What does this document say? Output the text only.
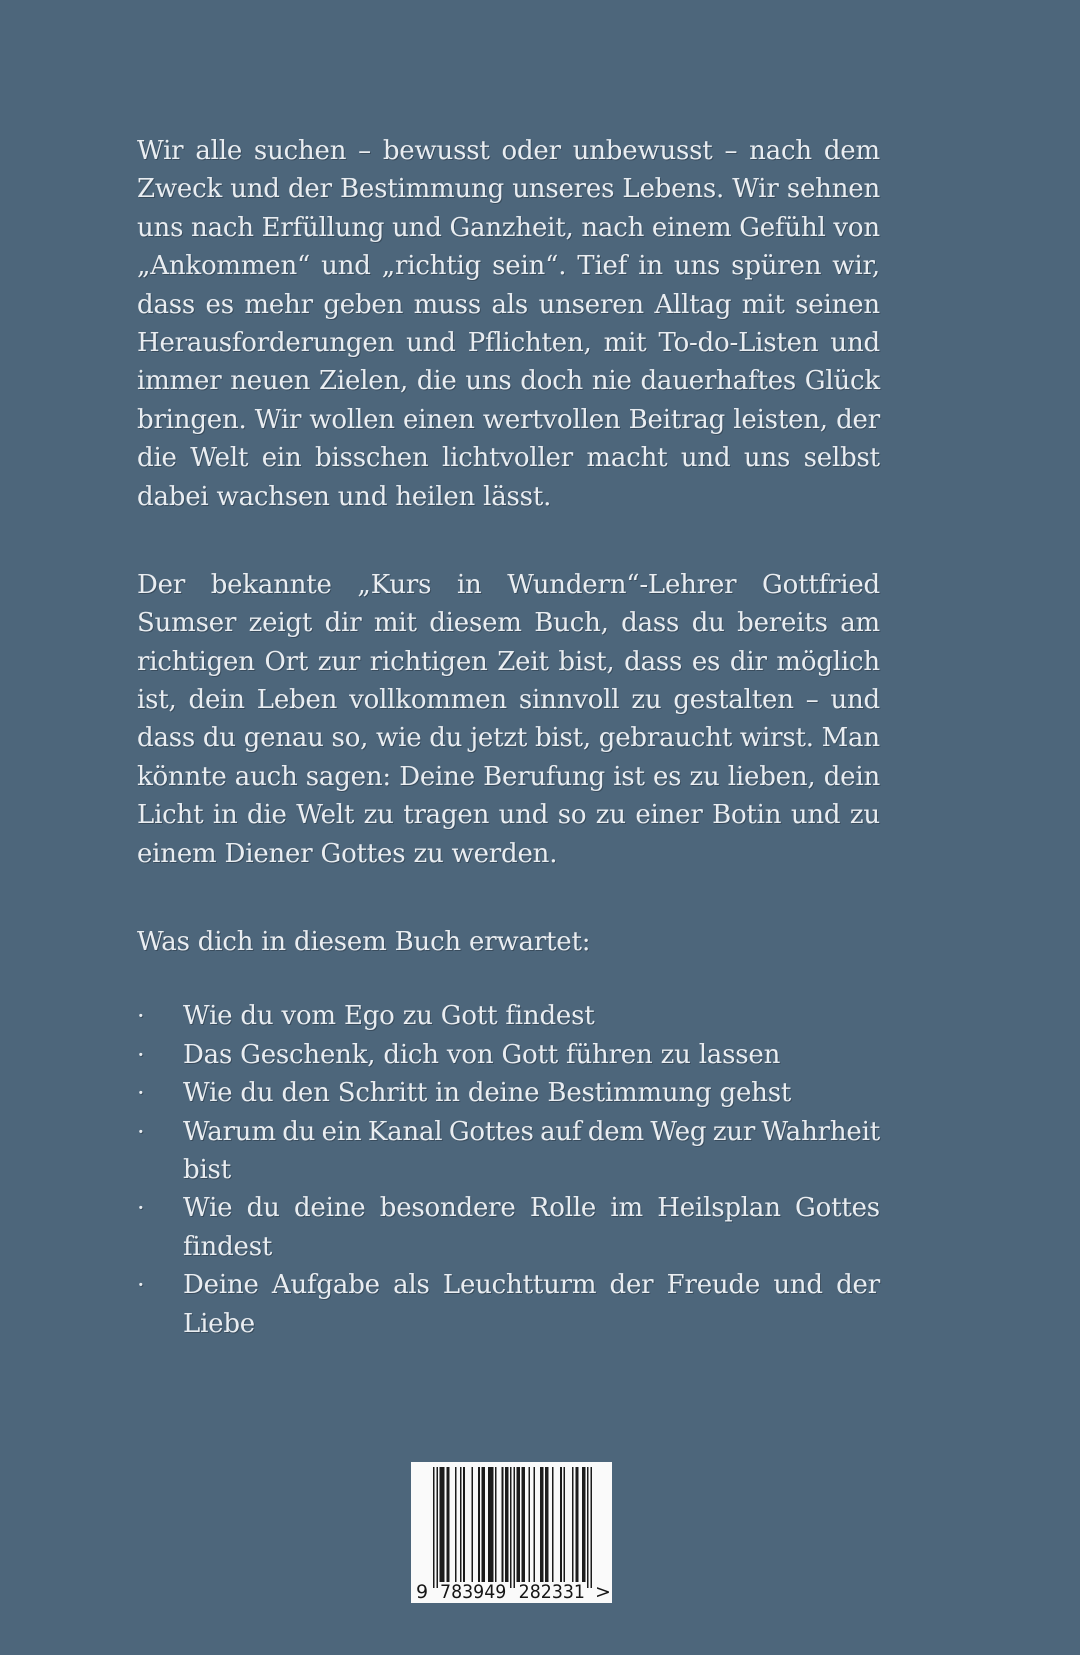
Wir alle suchen – bewusst oder unbewusst – nach dem
Zweck und der Bestimmung unseres Lebens. Wir sehnen
uns nach Erfüllung und Ganzheit, nach einem Gefühl von
„Ankommen“ und „richtig sein“. Tief in uns spüren wir,
dass es mehr geben muss als unseren Alltag mit seinen
Herausforderungen und Pflichten, mit To-do-Listen und
immer neuen Zielen, die uns doch nie dauerhaftes Glück
bringen. Wir wollen einen wertvollen Beitrag leisten, der
die Welt ein bisschen lichtvoller macht und uns selbst
dabei wachsen und heilen lässt.
Der bekannte „Kurs in Wundern“-Lehrer Gottfried
Sumser zeigt dir mit diesem Buch, dass du bereits am
richtigen Ort zur richtigen Zeit bist, dass es dir möglich
ist, dein Leben vollkommen sinnvoll zu gestalten – und
dass du genau so, wie du jetzt bist, gebraucht wirst. Man
könnte auch sagen: Deine Berufung ist es zu lieben, dein
Licht in die Welt zu tragen und so zu einer Botin und zu
einem Diener Gottes zu werden.
Was dich in diesem Buch erwartet:
·	Wie du vom Ego zu Gott findest
·	Das Geschenk, dich von Gott führen zu lassen
·	Wie du den Schritt in deine Bestimmung gehst
·	Warum du ein Kanal Gottes auf dem Weg zur Wahrheit
bist
·	Wie du deine besondere Rolle im Heilsplan Gottes
findest
·	Deine Aufgabe als Leuchtturm der Freude und der
Liebe
9 783949 282331 >
